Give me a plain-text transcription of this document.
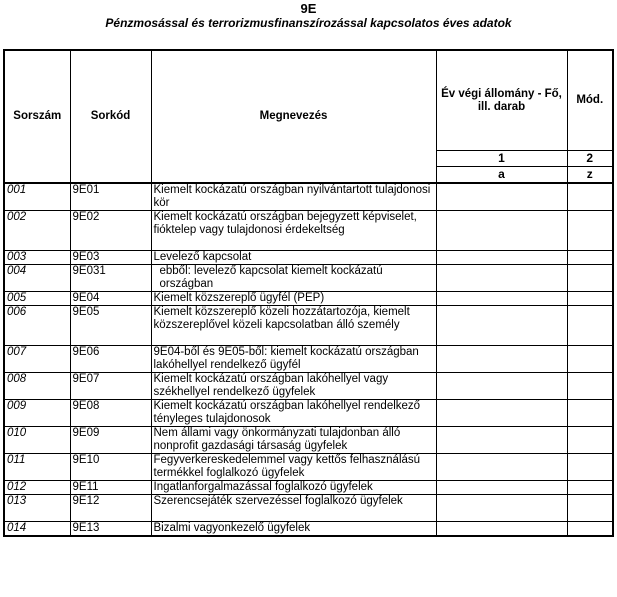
9E
Pénzmosással és terrorizmusfinanszírozással kapcsolatos éves adatok
Sorszám	Sorkód	Megnevezés	Év végi állomány - Fő, ill. darab	Mód.
			1	2
			a	z
001	9E01	Kiemelt kockázatú országban nyilvántartott tulajdonosi kör		
002	9E02	Kiemelt kockázatú országban bejegyzett képviselet, fióktelep vagy tulajdonosi érdekeltség		
003	9E03	Levelező kapcsolat		
004	9E031	ebből: levelező kapcsolat kiemelt kockázatú országban		
005	9E04	Kiemelt közszereplő ügyfél (PEP)		
006	9E05	Kiemelt közszereplő közeli hozzátartozója, kiemelt közszereplővel közeli kapcsolatban álló személy		
007	9E06	9E04-ből és 9E05-ből: kiemelt kockázatú országban lakóhellyel rendelkező ügyfél		
008	9E07	Kiemelt kockázatú országban lakóhellyel vagy székhellyel rendelkező ügyfelek		
009	9E08	Kiemelt kockázatú országban lakóhellyel rendelkező tényleges tulajdonosok		
010	9E09	Nem állami vagy önkormányzati tulajdonban álló nonprofit gazdasági társaság ügyfelek		
011	9E10	Fegyverkereskedelemmel vagy kettős felhasználású termékkel foglalkozó ügyfelek		
012	9E11	Ingatlanforgalmazással foglalkozó ügyfelek		
013	9E12	Szerencsejáték szervezéssel foglalkozó ügyfelek		
014	9E13	Bizalmi vagyonkezelő ügyfelek		
